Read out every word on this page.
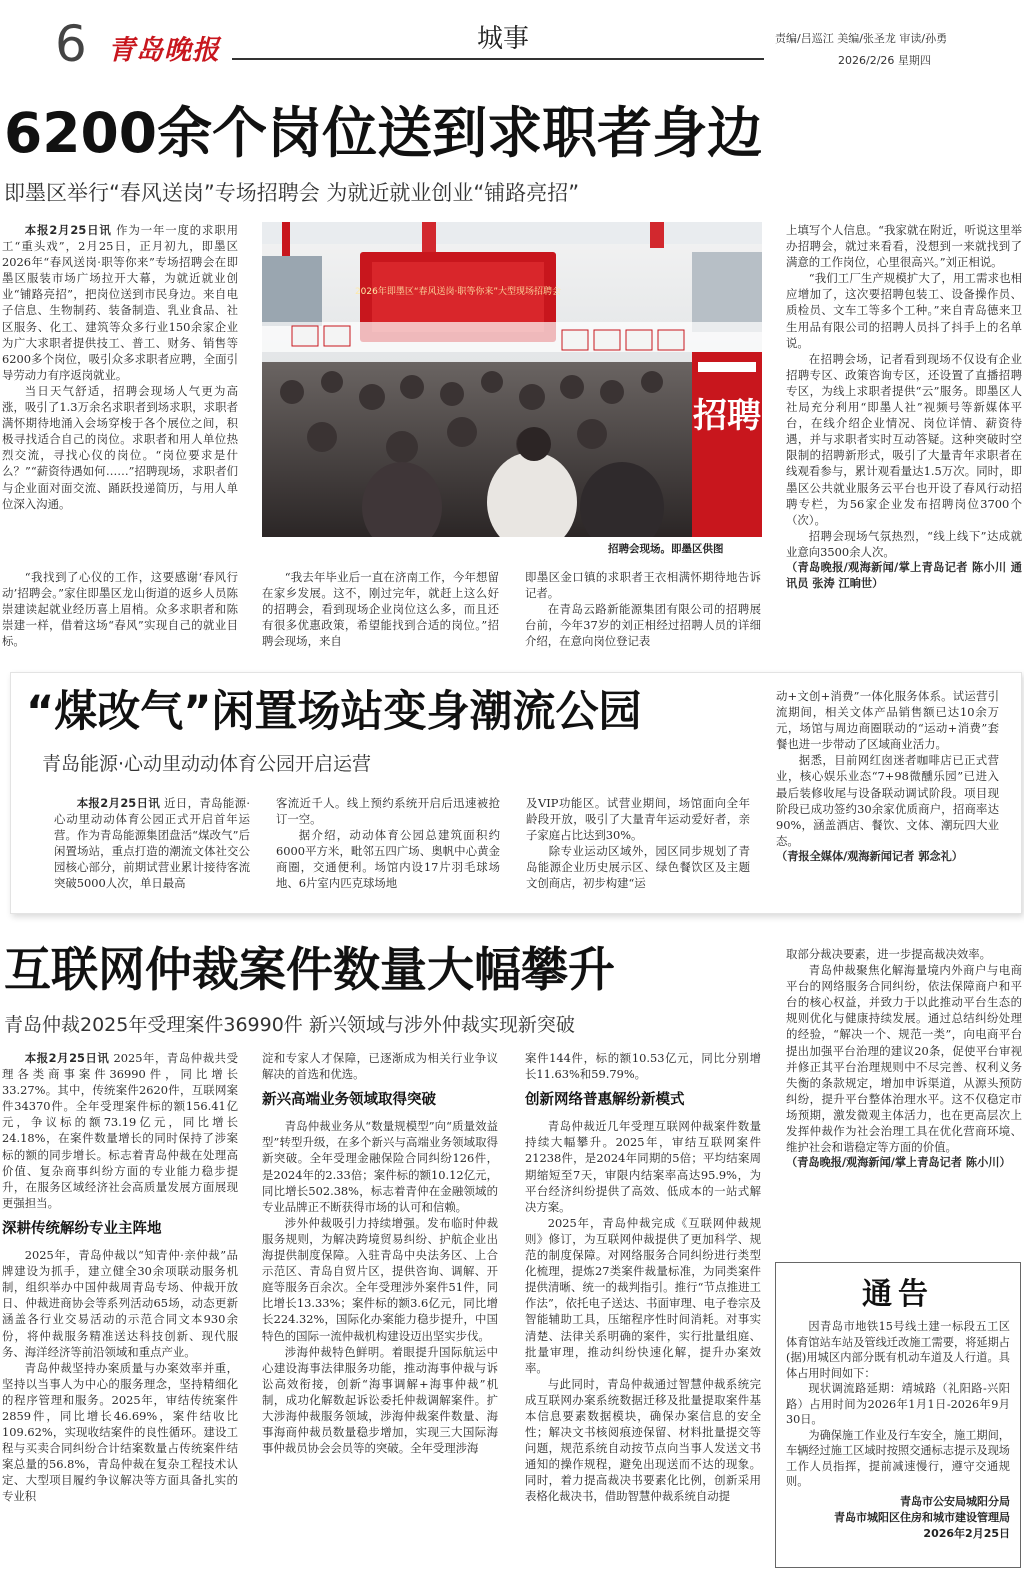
6 青岛晚报	城事	责编/吕巡江 美编/张圣龙 审读/孙勇
2026/2/26 星期四
6200余个岗位送到求职者身边
即墨区举行“春风送岗”专场招聘会 为就近就业创业“铺路亮招”

本报2月25日讯 作为一年一度的求职用工“重头戏”，2月25日，正月初九，即墨区2026年“春风送岗·职等你来”专场招聘会在即墨区服装市场广场拉开大幕，为就近就业创业“铺路亮招”，把岗位送到市民身边。来自电子信息、生物制药、装备制造、乳业食品、社区服务、化工、建筑等众多行业150余家企业为广大求职者提供技工、普工、财务、销售等6200多个岗位，吸引众多求职者应聘，全面引导劳动力有序返岗就业。

当日天气舒适，招聘会现场人气更为高涨，吸引了1.3万余名求职者到场求职，求职者满怀期待地涌入会场穿梭于各个展位之间，积极寻找适合自己的岗位。求职者和用人单位热烈交流，寻找心仪的岗位。“岗位要求是什么？”“薪资待遇如何……”招聘现场，求职者们与企业面对面交流、踊跃投递简历，与用人单位深入沟通。

2026年即墨区“春风送岗·职等你来”大型现场招聘会
招聘
招聘会现场。即墨区供图

“我找到了心仪的工作，这要感谢‘春风行动’招聘会。”家住即墨区龙山街道的返乡人员陈崇建读起就业经历喜上眉梢。众多求职者和陈崇建一样，借着这场“春风”实现自己的就业目标。

“我去年毕业后一直在济南工作，今年想留在家乡发展。这不，刚过完年，就赶上这么好的招聘会，看到现场企业岗位这么多，而且还有很多优惠政策，希望能找到合适的岗位。”招聘会现场，来自

即墨区金口镇的求职者王衣相满怀期待地告诉记者。

在青岛云路新能源集团有限公司的招聘展台前，今年37岁的刘正相经过招聘人员的详细介绍，在意向岗位登记表

上填写个人信息。“我家就在附近，听说这里举办招聘会，就过来看看，没想到一来就找到了满意的工作岗位，心里很高兴。”刘正相说。

“我们工厂生产规模扩大了，用工需求也相应增加了，这次要招聘包装工、设备操作员、质检员、文车工等多个工种。”来自青岛德来卫生用品有限公司的招聘人员抖了抖手上的名单说。

在招聘会场，记者看到现场不仅设有企业招聘专区、政策咨询专区，还设置了直播招聘专区，为线上求职者提供“云”服务。即墨区人社局充分利用“即墨人社”视频号等新媒体平台，在线介绍企业情况、岗位详情、薪资待遇，并与求职者实时互动答疑。这种突破时空限制的招聘新形式，吸引了大量青年求职者在线观看参与，累计观看量达1.5万次。同时，即墨区公共就业服务云平台也开设了春风行动招聘专栏，为56家企业发布招聘岗位3700个（次）。

招聘会现场气氛热烈，“线上线下”达成就业意向3500余人次。

（青岛晚报/观海新闻/掌上青岛记者 陈小川 通讯员 张涛 江晌世）
“煤改气”闲置场站变身潮流公园
青岛能源·心动里动动体育公园开启运营

本报2月25日讯 近日，青岛能源·心动里动动体育公园正式开启首年运营。作为青岛能源集团盘活“煤改气”后闲置场站，重点打造的潮流文体社交公园核心部分，前期试营业累计接待客流突破5000人次，单日最高

客流近千人。线上预约系统开启后迅速被抢订一空。

据介绍，动动体育公园总建筑面积约6000平方米，毗邻五四广场、奥帆中心黄金商圈，交通便利。场馆内设17片羽毛球场地、6片室内匹克球场地

及VIP功能区。试营业期间，场馆面向全年龄段开放，吸引了大量青年运动爱好者，亲子家庭占比达到30%。

除专业运动区域外，园区同步规划了青岛能源企业历史展示区、绿色餐饮区及主题文创商店，初步构建“运

动+文创+消费”一体化服务体系。试运营引流期间，相关文体产品销售额已达10余万元，场馆与周边商圈联动的“运动+消费”套餐也进一步带动了区域商业活力。

据悉，目前网红囱迷者咖啡店已正式营业，核心娱乐业态“7+98微醺乐园”已进入最后装修收尾与设备联动调试阶段。项目现阶段已成功签约30余家优质商户，招商率达90%，涵盖酒店、餐饮、文体、潮玩四大业态。

（青报全媒体/观海新闻记者 郭念礼）
互联网仲裁案件数量大幅攀升
青岛仲裁2025年受理案件36990件 新兴领域与涉外仲裁实现新突破

本报2月25日讯 2025年，青岛仲裁共受理各类商事案件36990件，同比增长33.27%。其中，传统案件2620件，互联网案件34370件。全年受理案件标的额156.41亿元，争议标的额73.19亿元，同比增长24.18%，在案件数量增长的同时保持了涉案标的额的同步增长。标志着青岛仲裁在处理高价值、复杂商事纠纷方面的专业能力稳步提升，在服务区域经济社会高质量发展方面展现更强担当。

深耕传统解纷专业主阵地

2025年，青岛仲裁以“知青仲·亲仲裁”品牌建设为抓手，建立健全30余项联动服务机制，组织举办中国仲裁周青岛专场、仲裁开放日、仲裁进商协会等系列活动65场，动态更新涵盖各行业交易活动的示范合同文本930余份，将仲裁服务精准送达科技创新、现代服务、海洋经济等前沿领域和重点产业。

青岛仲裁坚持办案质量与办案效率并重，坚持以当事人为中心的服务理念，坚持精细化的程序管理和服务。2025年，审结传统案件2859件，同比增长46.69%，案件结收比109.62%，实现收结案件的良性循环。建设工程与买卖合同纠纷合计结案数量占传统案件结案总量的56.8%，青岛仲裁在复杂工程技术认定、大型项目履约争议解决等方面具备扎实的专业积

淀和专家人才保障，已逐渐成为相关行业争议解决的首选和优选。

新兴高端业务领域取得突破

青岛仲裁业务从“数量规模型”向“质量效益型”转型升级，在多个新兴与高端业务领域取得新突破。全年受理金融保险合同纠纷126件，是2024年的2.33倍；案件标的额10.12亿元，同比增长502.38%，标志着青仲在金融领域的专业品牌正不断获得市场的认可和信赖。

涉外仲裁吸引力持续增强。发布临时仲裁服务规则，为解决跨境贸易纠纷、护航企业出海提供制度保障。入驻青岛中央法务区、上合示范区、青岛自贸片区，提供咨询、调解、开庭等服务百余次。全年受理涉外案件51件，同比增长13.33%；案件标的额3.6亿元，同比增长224.32%，国际化办案能力稳步提升，中国特色的国际一流仲裁机构建设迈出坚实步伐。

涉海仲裁特色鲜明。着眼提升国际航运中心建设海事法律服务功能，推动海事仲裁与诉讼高效衔接，创新“海事调解+海事仲裁”机制，成功化解数起诉讼委托仲裁调解案件。扩大涉海仲裁服务领域，涉海仲裁案件数量、海事海商仲裁员数量稳步增加，实现三大国际海事仲裁员协会会员等的突破。全年受理涉海

案件144件，标的额10.53亿元，同比分别增长11.63%和59.79%。

创新网络普惠解纷新模式

青岛仲裁近几年受理互联网仲裁案件数量持续大幅攀升。2025年，审结互联网案件21238件，是2024年同期的5倍；平均结案周期缩短至7天，审限内结案率高达95.9%，为平台经济纠纷提供了高效、低成本的一站式解决方案。

2025年，青岛仲裁完成《互联网仲裁规则》修订，为互联网仲裁提供了更加科学、规范的制度保障。对网络服务合同纠纷进行类型化梳理，提炼27类案件裁量标准，为同类案件提供清晰、统一的裁判指引。推行“节点推进工作法”，依托电子送达、书面审理、电子卷宗及智能辅助工具，压缩程序性时间消耗。对事实清楚、法律关系明确的案件，实行批量组庭、批量审理，推动纠纷快速化解，提升办案效率。

与此同时，青岛仲裁通过智慧仲裁系统完成互联网办案系统数据迁移及批量提取案件基本信息要素数据模块，确保办案信息的安全性；解决文书核阅痕迹保留、材料批量提交等问题，规范系统自动按节点向当事人发送文书通知的操作规程，避免出现送而不达的现象。同时，着力提高裁决书要素化比例，创新采用表格化裁决书，借助智慧仲裁系统自动提

取部分裁决要素，进一步提高裁决效率。

青岛仲裁聚焦化解海量境内外商户与电商平台的网络服务合同纠纷，依法保障商户和平台的核心权益，并致力于以此推动平台生态的规则优化与健康持续发展。通过总结纠纷处理的经验，“解决一个、规范一类”，向电商平台提出加强平台治理的建议20条，促使平台审视并修正其平台治理规则中不尽完善、权利义务失衡的条款规定，增加申诉渠道，从源头预防纠纷，提升平台整体治理水平。这不仅稳定市场预期，激发微观主体活力，也在更高层次上发挥仲裁作为社会治理工具在优化营商环境、维护社会和谐稳定等方面的价值。

（青岛晚报/观海新闻/掌上青岛记者 陈小川）
通告

因青岛市地铁15号线土建一标段五工区体育馆站车站及管线迁改施工需要，将延期占(据)用城区内部分既有机动车道及人行道。具体占用时间如下：

现状调流路延期：靖城路（礼阳路-兴阳路）占用时间为2026年1月1日-2026年9月30日。

为确保施工作业及行车安全，施工期间，车辆经过施工区域时按照交通标志提示及现场工作人员指挥，提前减速慢行，遵守交通规则。

青岛市公安局城阳分局
青岛市城阳区住房和城市建设管理局
2026年2月25日
